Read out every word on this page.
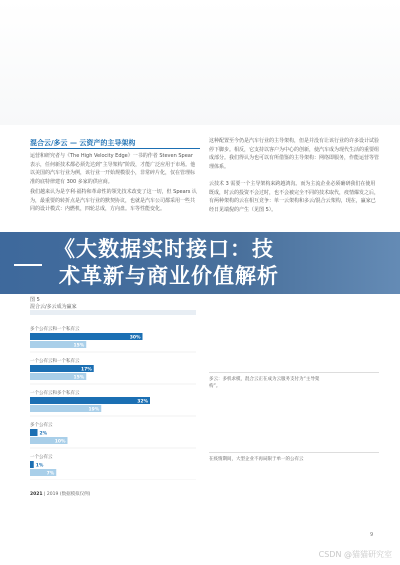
混合云/多云 — 云资产的主导架构
运营和研究者与《The High Velocity Edge》一书的作者 Steven Spear 表示，任何新技术都必须先达到“主导架构”阶段，才能广泛应用于市场。他以美国的汽车行业为例，该行业一开始规模很小，非常碎片化，仅在管理标准的底特律建有 300 多家的供应商。
我们越来认为是亨利·福特和革命性的领先技术改变了这一切，但 Spears 认为，最重要的转折点是汽车行业的默契协议，也就是汽车公司都采用一些共同的设计模式：内燃机，四轮总成，方向盘。车等性能变化。
这种配置至今仍是汽车行业的主导架构，但是并没有让该行业的许多设计试验停下脚步。相反，它支持以客户为中心的创新，使汽车成为现代生活的重要组成部分。我们得认为也可以有所借鉴的主导架构：网络即服务，作能运营等管理体系。
云技术 3 需要一个主导架构来跨越鸿沟。而为主流企业必须确研我们在使用既成，时云的投资不会过时，也不会被完全不同的技术取代，疫情爆发之后，有两种架构的云在相互竞争：单一云架构和多云/混合云架构，现在，赢家已经日见端倪的产生（见图 5）。
《大数据实时接口：技
术革新与商业价值解析
图 5
混合云/多云成为赢家
多个公有云和一个私有云
30%
15%
一个公有云和一个私有云
17%
15%
一个公有云和多个私有云
32%
19%
多个公有云
2%
10%
一个公有云
1%
7%
2021 | 2019 (数据模拟仅例)
多云：多机求模，混合云正在成为云服务支付为“主导架构”。
在疫情期间，大型企业不再局限于单一的公有云
9
CSDN @猫猫研究室
